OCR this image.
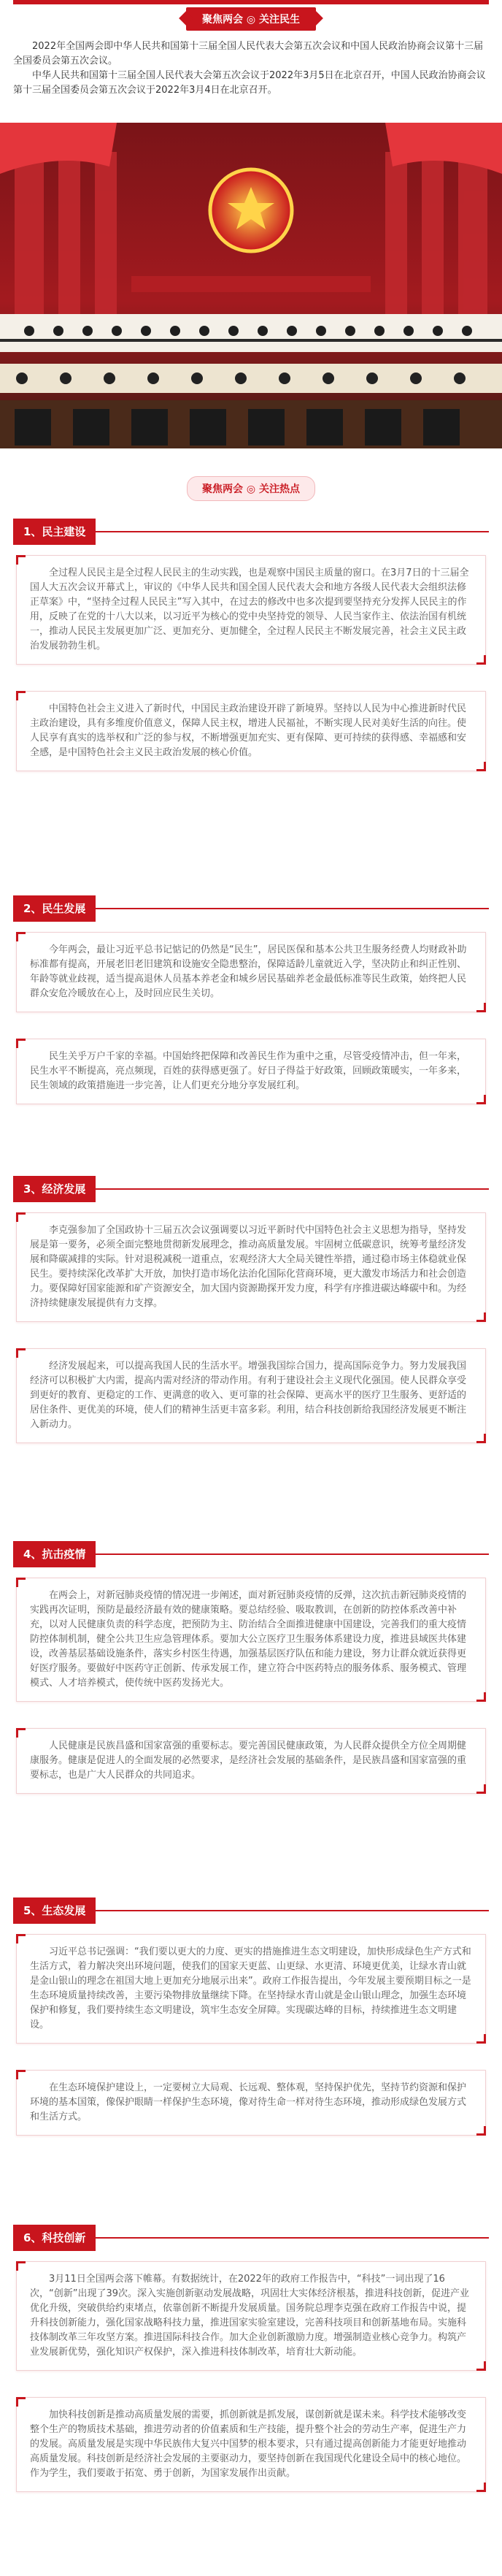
聚焦两会 ◎ 关注民生

2022年全国两会即中华人民共和国第十三届全国人民代表大会第五次会议和中国人民政治协商会议第十三届全国委员会第五次会议。

中华人民共和国第十三届全国人民代表大会第五次会议于2022年3月5日在北京召开，中国人民政治协商会议第十三届全国委员会第五次会议于2022年3月4日在北京召开。

聚焦两会 ◎ 关注热点
1、民主建设

全过程人民民主是全过程人民民主的生动实践，也是观察中国民主质量的窗口。在3月7日的十三届全国人大五次会议开幕式上，审议的《中华人民共和国全国人民代表大会和地方各级人民代表大会组织法修正草案》中，“坚持全过程人民民主”写入其中，在过去的修改中也多次提到要坚持充分发挥人民民主的作用，反映了在党的十八大以来，以习近平为核心的党中央坚持党的领导、人民当家作主、依法治国有机统一，推动人民民主发展更加广泛、更加充分、更加健全，全过程人民民主不断发展完善，社会主义民主政治发展勃勃生机。

中国特色社会主义进入了新时代，中国民主政治建设开辟了新境界。坚持以人民为中心推进新时代民主政治建设，具有多维度价值意义，保障人民主权，增进人民福祉，不断实现人民对美好生活的向往。使人民享有真实的选举权和广泛的参与权，不断增强更加充实、更有保障、更可持续的获得感、幸福感和安全感，是中国特色社会主义民主政治发展的核心价值。

2、民生发展

今年两会，最让习近平总书记惦记的仍然是“民生”，居民医保和基本公共卫生服务经费人均财政补助标准都有提高，开展老旧老旧建筑和设施安全隐患整治，保障适龄儿童就近入学，坚决防止和纠正性别、年龄等就业歧视，适当提高退休人员基本养老金和城乡居民基础养老金最低标准等民生政策，始终把人民群众安危冷暖放在心上，及时回应民生关切。

民生关乎万户千家的幸福。中国始终把保障和改善民生作为重中之重，尽管受疫情冲击，但一年来，民生水平不断提高，亮点频现，百姓的获得感更强了。好日子得益于好政策，回顾政策暖实，一年多来，民生领域的政策措施进一步完善，让人们更充分地分享发展红利。

3、经济发展

李克强参加了全国政协十三届五次会议强调要以习近平新时代中国特色社会主义思想为指导，坚持发展是第一要务，必须全面完整地贯彻新发展理念，推动高质量发展。牢固树立低碳意识，统筹考量经济发展和降碳减排的实际。针对退税减税一道重点，宏观经济大大全局关键性举措，通过稳市场主体稳就业保民生。要持续深化改革扩大开放，加快打造市场化法治化国际化营商环境，更大激发市场活力和社会创造力。要保障好国家能源和矿产资源安全，加大国内资源勘探开发力度，科学有序推进碳达峰碳中和。为经济持续健康发展提供有力支撑。

经济发展起来，可以提高我国人民的生活水平。增强我国综合国力，提高国际竞争力。努力发展我国经济可以积极扩大内需，提高内需对经济的带动作用。有利于建设社会主义现代化强国。使人民群众享受到更好的教育、更稳定的工作、更满意的收入、更可靠的社会保障、更高水平的医疗卫生服务、更舒适的居住条件、更优美的环境，使人们的精神生活更丰富多彩。利用，结合科技创新给我国经济发展更不断注入新动力。

4、抗击疫情

在两会上，对新冠肺炎疫情的情况进一步阐述，面对新冠肺炎疫情的反弹，这次抗击新冠肺炎疫情的实践再次证明，预防是最经济最有效的健康策略。要总结经验、吸取教训，在创新的防控体系改善中补充，以对人民健康负责的科学态度，把预防为主、防治结合全面推进健康中国建设，完善我们的重大疫情防控体制机制，健全公共卫生应急管理体系。要加大公立医疗卫生服务体系建设力度，推进县域医共体建设，改善基层基础设施条件，落实乡村医生待遇，加强基层医疗队伍和能力建设，努力让群众就近获得更好医疗服务。要做好中医药守正创新、传承发展工作，建立符合中医药特点的服务体系、服务模式、管理模式、人才培养模式，使传统中医药发扬光大。

人民健康是民族昌盛和国家富强的重要标志。要完善国民健康政策，为人民群众提供全方位全周期健康服务。健康是促进人的全面发展的必然要求，是经济社会发展的基础条件，是民族昌盛和国家富强的重要标志，也是广大人民群众的共同追求。

5、生态发展

习近平总书记强调：“我们要以更大的力度、更实的措施推进生态文明建设，加快形成绿色生产方式和生活方式，着力解决突出环境问题，使我们的国家天更蓝、山更绿、水更清、环境更优美，让绿水青山就是金山银山的理念在祖国大地上更加充分地展示出来”。政府工作报告提出，今年发展主要预期目标之一是生态环境质量持续改善，主要污染物排放量继续下降。在坚持绿水青山就是金山银山理念，加强生态环境保护和修复，我们要持续生态文明建设，筑牢生态安全屏障。实现碳达峰的目标，持续推进生态文明建设。

在生态环境保护建设上，一定要树立大局观、长远观、整体观，坚持保护优先，坚持节约资源和保护环境的基本国策，像保护眼睛一样保护生态环境，像对待生命一样对待生态环境，推动形成绿色发展方式和生活方式。

6、科技创新

3月11日全国两会落下帷幕。有数据统计，在2022年的政府工作报告中，“科技”一词出现了16次，“创新”出现了39次。深入实施创新驱动发展战略，巩固壮大实体经济根基，推进科技创新，促进产业优化升级，突破供给约束堵点，依靠创新不断提升发展质量。国务院总理李克强在政府工作报告中说，提升科技创新能力，强化国家战略科技力量，推进国家实验室建设，完善科技项目和创新基地布局。实施科技体制改革三年攻坚方案。推进国际科技合作。加大企业创新激励力度。增强制造业核心竞争力。构筑产业发展新优势，强化知识产权保护，深入推进科技体制改革，培育壮大新动能。

加快科技创新是推动高质量发展的需要，抓创新就是抓发展，谋创新就是谋未来。科学技术能够改变整个生产的物质技术基础，推进劳动者的价值素质和生产技能，提升整个社会的劳动生产率，促进生产力的发展。高质量发展是实现中华民族伟大复兴中国梦的根本要求，只有通过提高创新能力才能更好地推动高质量发展。科技创新是经济社会发展的主要驱动力，要坚持创新在我国现代化建设全局中的核心地位。作为学生，我们要敢于拓宽、勇于创新，为国家发展作出贡献。
